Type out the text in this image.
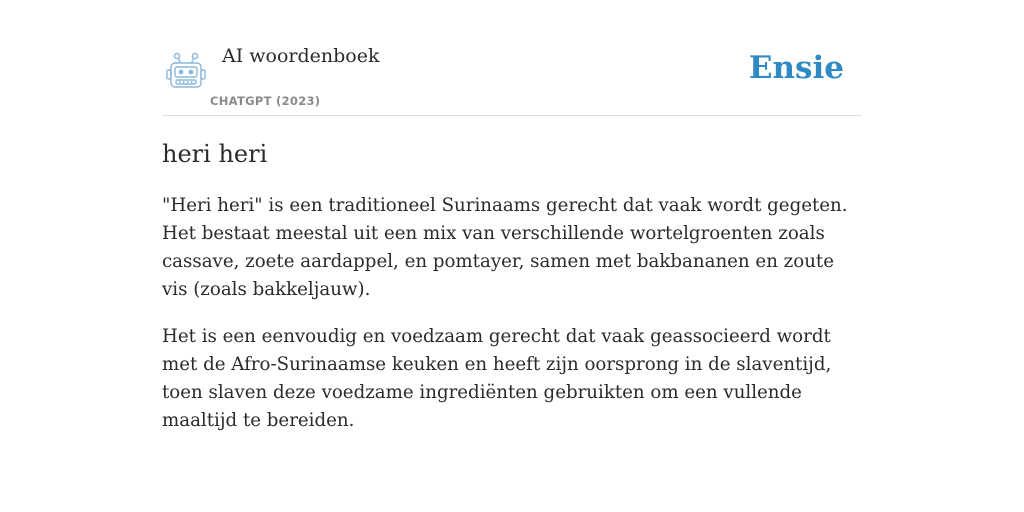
AI woordenboek
CHATGPT (2023)
Ensie
heri heri

"Heri heri" is een traditioneel Surinaams gerecht dat vaak wordt gegeten. Het bestaat meestal uit een mix van verschillende wortelgroenten zoals cassave, zoete aardappel, en pomtayer, samen met bakbananen en zoute vis (zoals bakkeljauw).

Het is een eenvoudig en voedzaam gerecht dat vaak geassocieerd wordt met de Afro-Surinaamse keuken en heeft zijn oorsprong in de slaventijd, toen slaven deze voedzame ingrediënten gebruikten om een vullende maaltijd te bereiden.
